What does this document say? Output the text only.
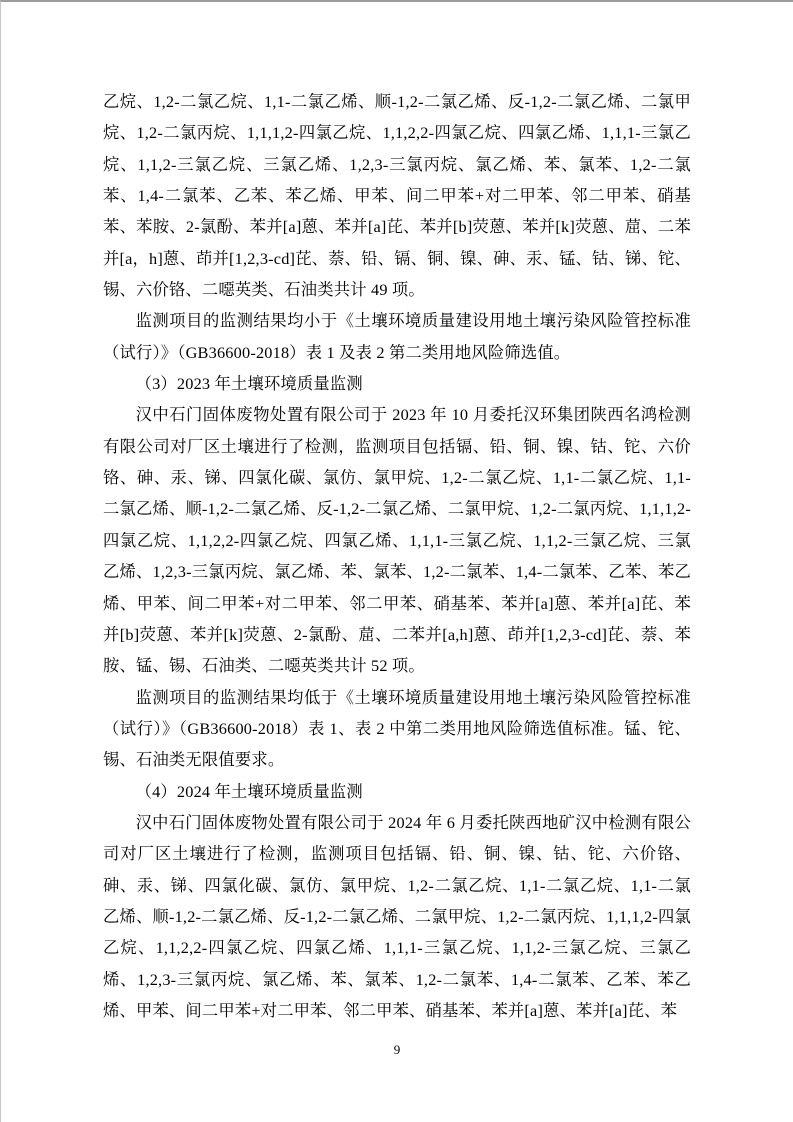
乙烷、1,2-二氯乙烷、1,1-二氯乙烯、顺-1,2-二氯乙烯、反-1,2-二氯乙烯、二氯甲烷、1,2-二氯丙烷、1,1,1,2-四氯乙烷、1,1,2,2-四氯乙烷、四氯乙烯、1,1,1-三氯乙烷、1,1,2-三氯乙烷、三氯乙烯、1,2,3-三氯丙烷、氯乙烯、苯、氯苯、1,2-二氯苯、1,4-二氯苯、乙苯、苯乙烯、甲苯、间二甲苯+对二甲苯、邻二甲苯、硝基苯、苯胺、2-氯酚、苯并[a]蒽、苯并[a]芘、苯并[b]荧蒽、苯并[k]荧蒽、䓛、二苯并[a，h]蒽、茚并[1,2,3-cd]芘、萘、铅、镉、铜、镍、砷、汞、锰、钴、锑、铊、锡、六价铬、二噁英类、石油类共计 49 项。

监测项目的监测结果均小于《土壤环境质量建设用地土壤污染风险管控标准（试行）》（GB36600-2018）表 1 及表 2 第二类用地风险筛选值。

（3）2023 年土壤环境质量监测

汉中石门固体废物处置有限公司于 2023 年 10 月委托汉环集团陕西名鸿检测有限公司对厂区土壤进行了检测，监测项目包括镉、铅、铜、镍、钴、铊、六价铬、砷、汞、锑、四氯化碳、氯仿、氯甲烷、1,2-二氯乙烷、1,1-二氯乙烷、1,1-二氯乙烯、顺-1,2-二氯乙烯、反-1,2-二氯乙烯、二氯甲烷、1,2-二氯丙烷、1,1,1,2-四氯乙烷、1,1,2,2-四氯乙烷、四氯乙烯、1,1,1-三氯乙烷、1,1,2-三氯乙烷、三氯乙烯、1,2,3-三氯丙烷、氯乙烯、苯、氯苯、1,2-二氯苯、1,4-二氯苯、乙苯、苯乙烯、甲苯、间二甲苯+对二甲苯、邻二甲苯、硝基苯、苯并[a]蒽、苯并[a]芘、苯并[b]荧蒽、苯并[k]荧蒽、2-氯酚、䓛、二苯并[a,h]蒽、茚并[1,2,3-cd]芘、萘、苯胺、锰、锡、石油类、二噁英类共计 52 项。

监测项目的监测结果均低于《土壤环境质量建设用地土壤污染风险管控标准（试行）》（GB36600-2018）表 1、表 2 中第二类用地风险筛选值标准。锰、铊、锡、石油类无限值要求。

（4）2024 年土壤环境质量监测

汉中石门固体废物处置有限公司于 2024 年 6 月委托陕西地矿汉中检测有限公司对厂区土壤进行了检测，监测项目包括镉、铅、铜、镍、钴、铊、六价铬、砷、汞、锑、四氯化碳、氯仿、氯甲烷、1,2-二氯乙烷、1,1-二氯乙烷、1,1-二氯乙烯、顺-1,2-二氯乙烯、反-1,2-二氯乙烯、二氯甲烷、1,2-二氯丙烷、1,1,1,2-四氯乙烷、1,1,2,2-四氯乙烷、四氯乙烯、1,1,1-三氯乙烷、1,1,2-三氯乙烷、三氯乙烯、1,2,3-三氯丙烷、氯乙烯、苯、氯苯、1,2-二氯苯、1,4-二氯苯、乙苯、苯乙烯、甲苯、间二甲苯+对二甲苯、邻二甲苯、硝基苯、苯并[a]蒽、苯并[a]芘、苯

9
